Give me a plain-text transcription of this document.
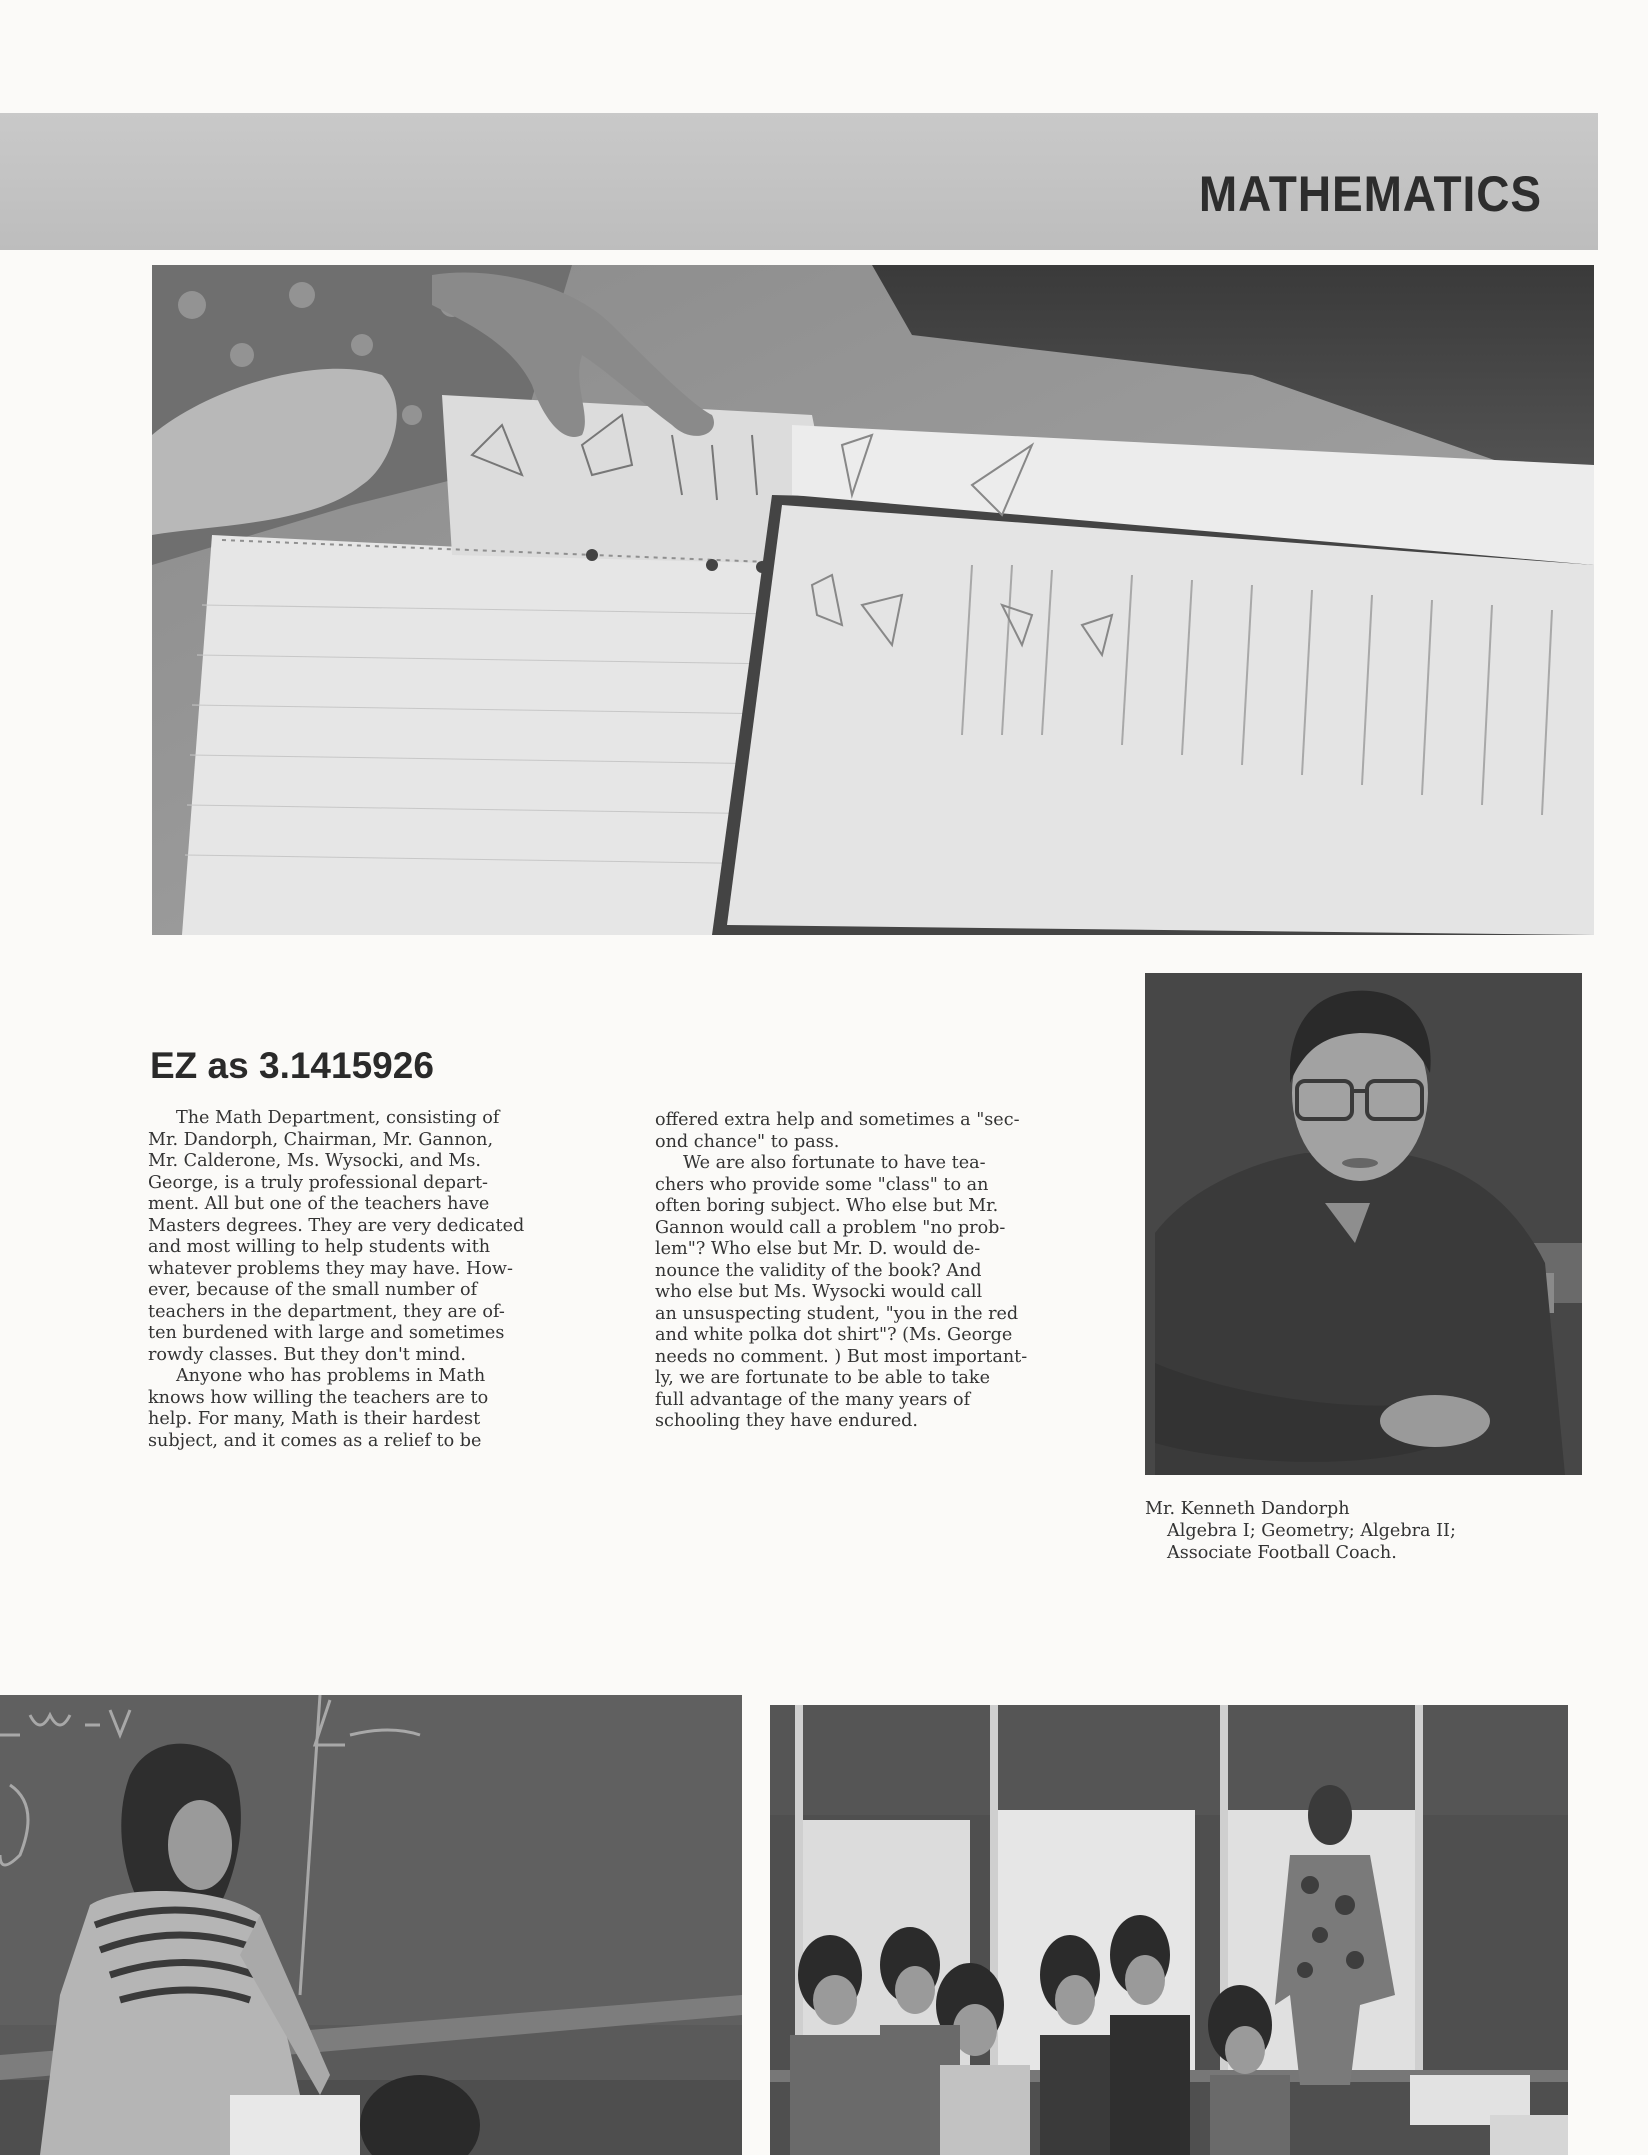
MATHEMATICS
EZ as 3.1415926

The Math Department, consisting of

Mr. Dandorph, Chairman, Mr. Gannon,

Mr. Calderone, Ms. Wysocki, and Ms.

George, is a truly professional depart-

ment. All but one of the teachers have

Masters degrees. They are very dedicated

and most willing to help students with

whatever problems they may have. How-

ever, because of the small number of

teachers in the department, they are of-

ten burdened with large and sometimes

rowdy classes. But they don't mind.

Anyone who has problems in Math

knows how willing the teachers are to

help. For many, Math is their hardest

subject, and it comes as a relief to be

offered extra help and sometimes a "sec-

ond chance" to pass.

We are also fortunate to have tea-

chers who provide some "class" to an

often boring subject. Who else but Mr.

Gannon would call a problem "no prob-

lem"? Who else but Mr. D. would de-

nounce the validity of the book? And

who else but Ms. Wysocki would call

an unsuspecting student, "you in the red

and white polka dot shirt"? (Ms. George

needs no comment. ) But most important-

ly, we are fortunate to be able to take

full advantage of the many years of

schooling they have endured.

Mr. Kenneth Dandorph
Algebra I; Geometry; Algebra II;
Associate Football Coach.
